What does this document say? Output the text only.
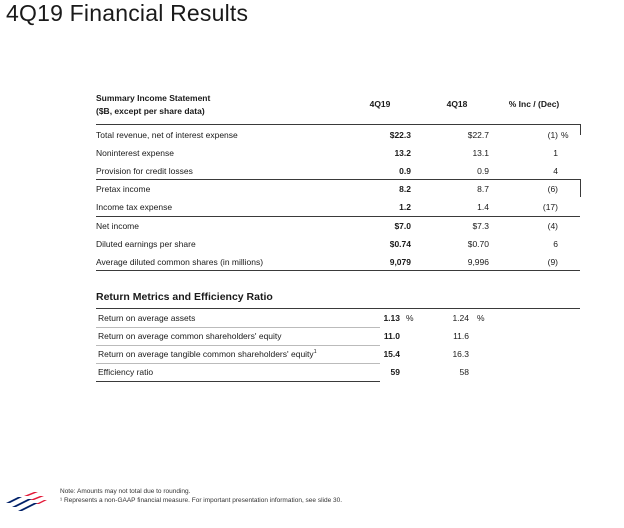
4Q19 Financial Results
Summary Income Statement
($B, except per share data)
4Q19	4Q18	% Inc / (Dec)
Total revenue, net of interest expense	$22.3	$22.7	(1) %
Noninterest expense	13.2	13.1	1
Provision for credit losses	0.9	0.9	4
Pretax income	8.2	8.7	(6)
Income tax expense	1.2	1.4	(17)
Net income	$7.0	$7.3	(4)
Diluted earnings per share	$0.74	$0.70	6
Average diluted common shares (in millions)	9,079	9,996	(9)
Return Metrics and Efficiency Ratio
Return on average assets	1.13 %	1.24 %
Return on average common shareholders' equity	11.0	11.6
Return on average tangible common shareholders' equity$^1$	15.4	16.3
Efficiency ratio	59	58
Note: Amounts may not total due to rounding.
¹ Represents a non-GAAP financial measure. For important presentation information, see slide 30.
